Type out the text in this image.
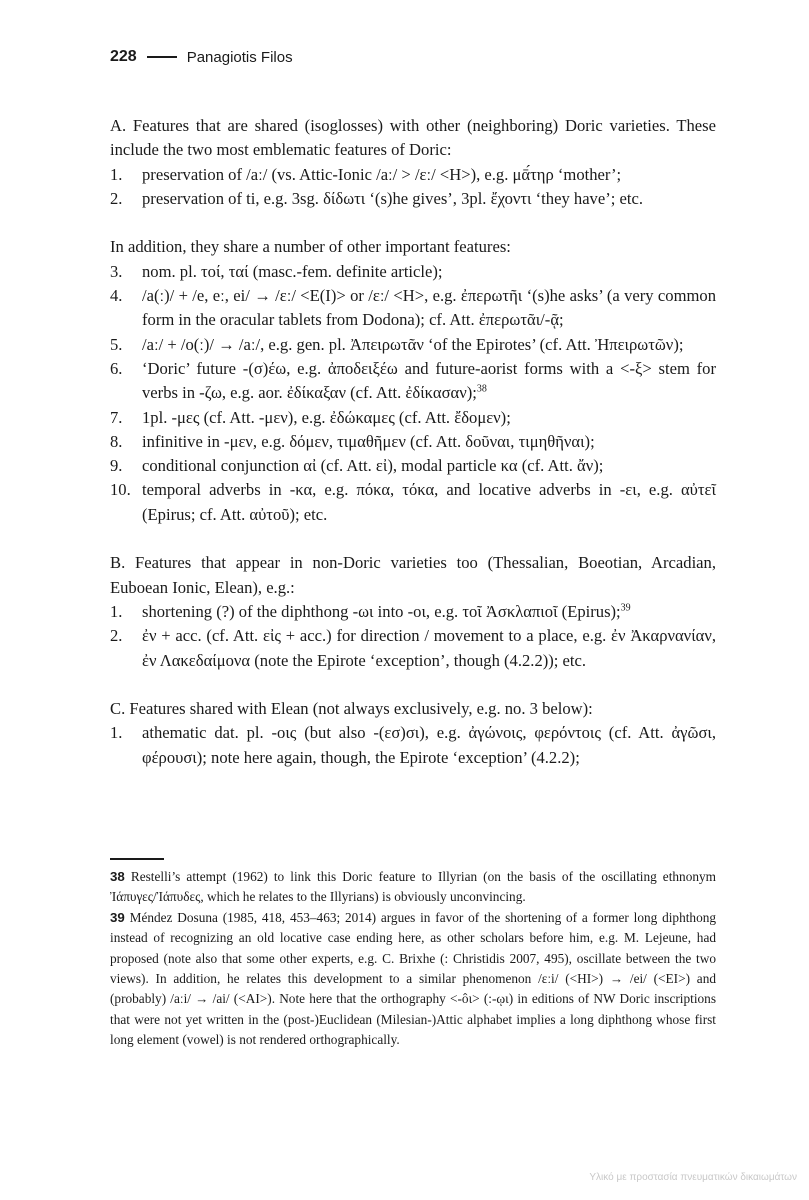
228	Panagiotis Filos

A. Features that are shared (isoglosses) with other (neighboring) Doric varieties. These include the two most emblematic features of Doric:

1.	preservation of /aː/ (vs. Attic-Ionic /aː/ > /ɛː/ <H>), e.g. μᾱ́τηρ ‘mother’;
2.	preservation of ti, e.g. 3sg. δίδωτι ‘(s)he gives’, 3pl. ἔχοντι ‘they have’; etc.

In addition, they share a number of other important features:

3.	nom. pl. τοί, ταί (masc.-fem. definite article);
4.	/a(ː)/ + /e, eː, ei/ → /ɛː/ <E(I)> or /ɛː/ <H>, e.g. ἐπερωτῆι ‘(s)he asks’ (a very common form in the oracular tablets from Dodona); cf. Att. ἐπερωτᾶι/-ᾷ;
5.	/aː/ + /o(ː)/ → /aː/, e.g. gen. pl. Ἀπειρωτᾶν ‘of the Epirotes’ (cf. Att. Ἠπειρωτῶν);
6.	‘Doric’ future -(σ)έω, e.g. ἀποδειξέω and future-aorist forms with a <-ξ> stem for verbs in -ζω, e.g. aor. ἐδίκαξαν (cf. Att. ἐδίκασαν);$^{38}$
7.	1pl. -μες (cf. Att. -μεν), e.g. ἐδώκαμες (cf. Att. ἔδομεν);
8.	infinitive in -μεν, e.g. δόμεν, τιμαθῆμεν (cf. Att. δοῦναι, τιμηθῆναι);
9.	conditional conjunction αἰ (cf. Att. εἰ), modal particle κα (cf. Att. ἄν);
10. temporal adverbs in -κα, e.g. πόκα, τόκα, and locative adverbs in -ει, e.g. αὐτεῖ (Epirus; cf. Att. αὐτοῦ); etc.

B. Features that appear in non-Doric varieties too (Thessalian, Boeotian, Arcadian, Euboean Ionic, Elean), e.g.:

1.	shortening (?) of the diphthong -ωι into -οι, e.g. τοῖ Ἀσκλαπιοῖ (Epirus);$^{39}$
2.	ἐν + acc. (cf. Att. εἰς + acc.) for direction / movement to a place, e.g. ἐν Ἀκαρνανίαν, ἐν Λακεδαίμονα (note the Epirote ‘exception’, though (4.2.2)); etc.

C. Features shared with Elean (not always exclusively, e.g. no. 3 below):

1.	athematic dat. pl. -οις (but also -(εσ)σι), e.g. ἀγώνοις, φερόντοις (cf. Att. ἀγῶσι, φέρουσι); note here again, though, the Epirote ‘exception’ (4.2.2);

38 Restelli’s attempt (1962) to link this Doric feature to Illyrian (on the basis of the oscillating ethnonym Ἰάπυγες/Ἰάπυδες, which he relates to the Illyrians) is obviously unconvincing.

39 Méndez Dosuna (1985, 418, 453–463; 2014) argues in favor of the shortening of a former long diphthong instead of recognizing an old locative case ending here, as other scholars before him, e.g. M. Lejeune, had proposed (note also that some other experts, e.g. C. Brixhe (: Christidis 2007, 495), oscillate between the two views). In addition, he relates this development to a similar phenomenon /ɛːi/ (<HI>) → /ei/ (<EI>) and (probably) /aːi/ → /ai/ (<AI>). Note here that the orthography <-ôι> (:-ῳι) in editions of NW Doric inscriptions that were not yet written in the (post-)Euclidean (Milesian-)Attic alphabet implies a long diphthong whose first long element (vowel) is not rendered orthographically.

Υλικό με προστασία πνευματικών δικαιωμάτων
